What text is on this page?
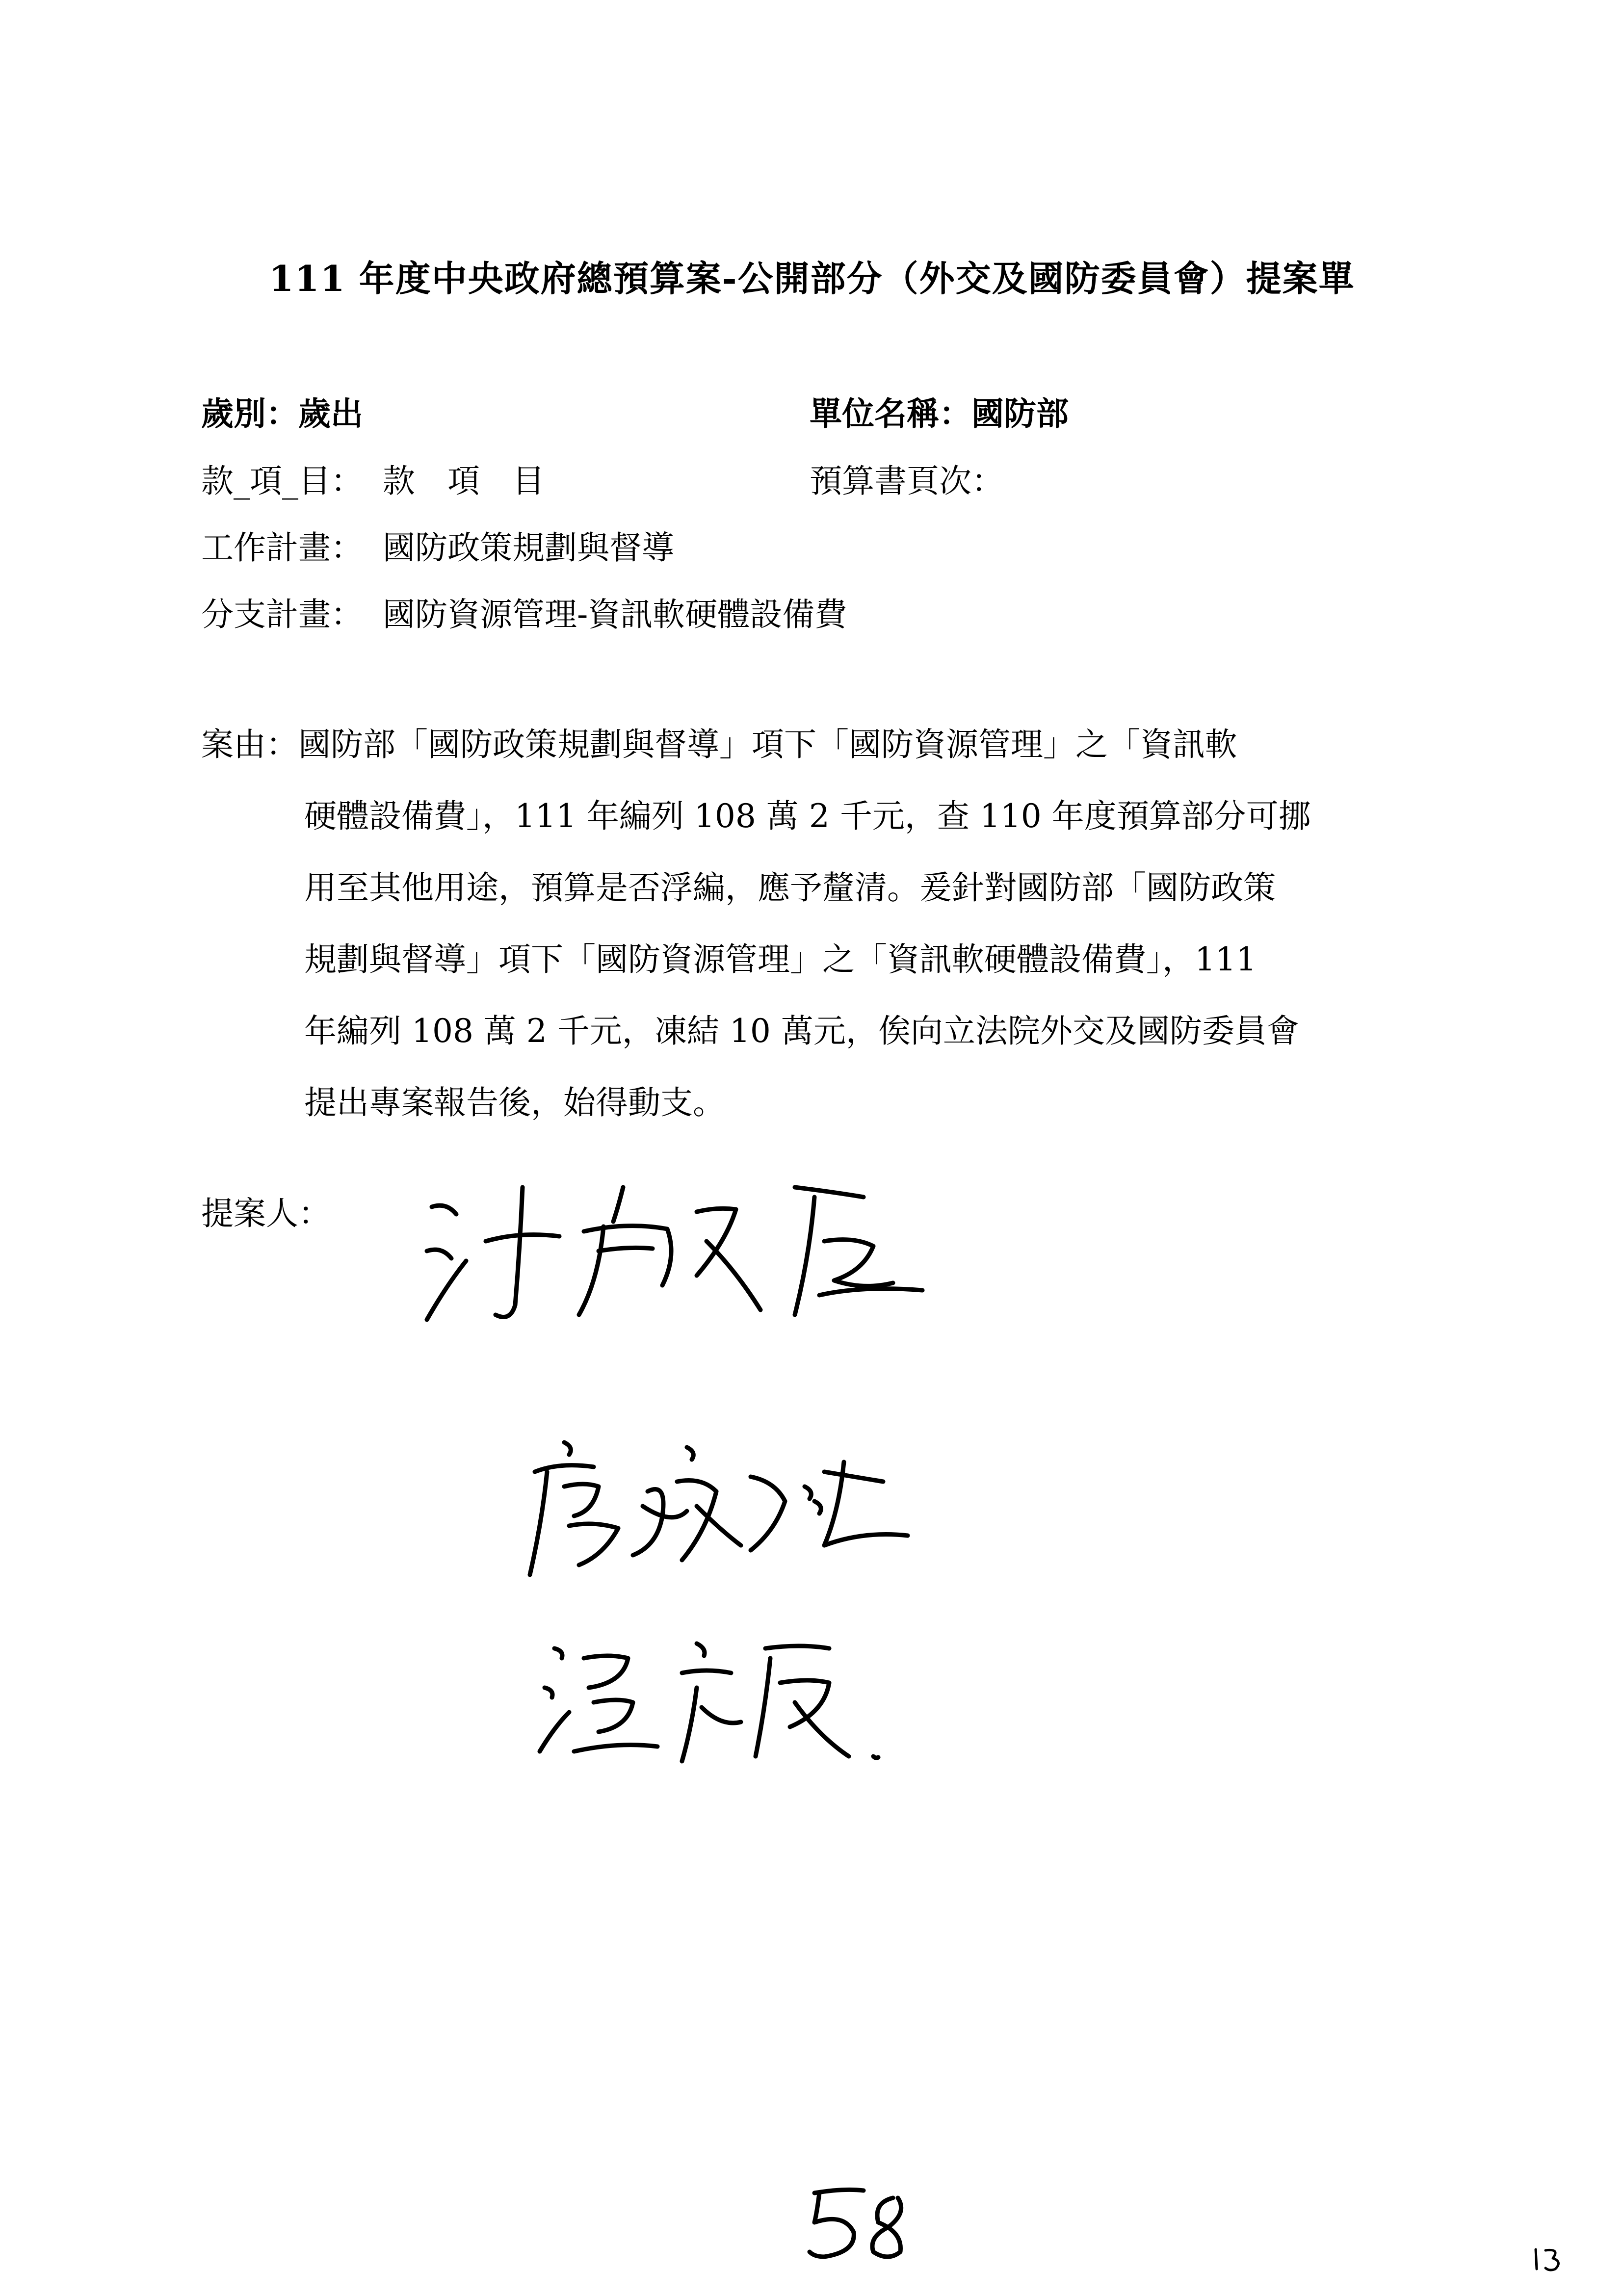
111 年度中央政府總預算案-公開部分（外交及國防委員會）提案單
歲別：歲出	單位名稱：國防部
款_項_目： 款　項　目	預算書頁次：
工作計畫： 國防政策規劃與督導
分支計畫： 國防資源管理-資訊軟硬體設備費
案由：國防部「國防政策規劃與督導」項下「國防資源管理」之「資訊軟
硬體設備費」，111 年編列 108 萬 2 千元，查 110 年度預算部分可挪
用至其他用途，預算是否浮編，應予釐清。爰針對國防部「國防政策
規劃與督導」項下「國防資源管理」之「資訊軟硬體設備費」，111
年編列 108 萬 2 千元，凍結 10 萬元，俟向立法院外交及國防委員會
提出專案報告後，始得動支。
提案人：
